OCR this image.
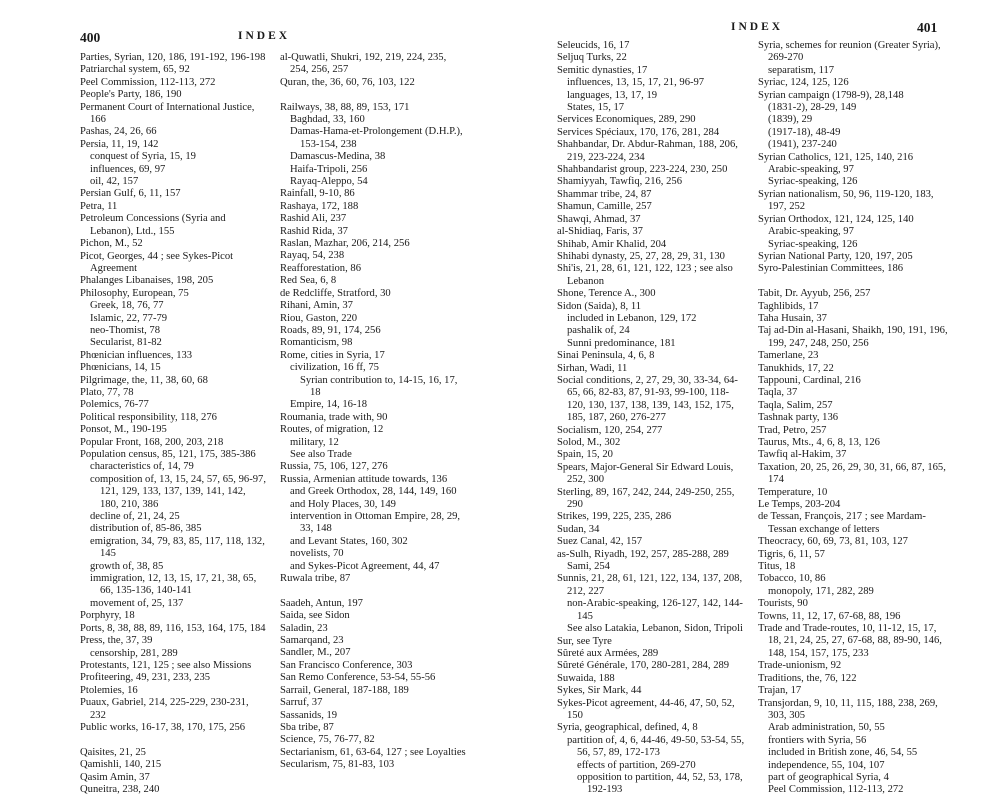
400	INDEX
Parties, Syrian, 120, 186, 191-192, 196-198
Patriarchal system, 65, 92
Peel Commission, 112-113, 272
People's Party, 186, 190
Permanent Court of International Justice, 166
Pashas, 24, 26, 66
Persia, 11, 19, 142
conquest of Syria, 15, 19
influences, 69, 97
oil, 42, 157
Persian Gulf, 6, 11, 157
Petra, 11
Petroleum Concessions (Syria and Lebanon), Ltd., 155
Pichon, M., 52
Picot, Georges, 44 ; see Sykes-Picot Agreement
Phalanges Libanaises, 198, 205
Philosophy, European, 75
Greek, 18, 76, 77
Islamic, 22, 77-79
neo-Thomist, 78
Secularist, 81-82
Phœnician influences, 133
Phœnicians, 14, 15
Pilgrimage, the, 11, 38, 60, 68
Plato, 77, 78
Polemics, 76-77
Political responsibility, 118, 276
Ponsot, M., 190-195
Popular Front, 168, 200, 203, 218
Population census, 85, 121, 175, 385-386
characteristics of, 14, 79
composition of, 13, 15, 24, 57, 65, 96-97, 121, 129, 133, 137, 139, 141, 142, 180, 210, 386
decline of, 21, 24, 25
distribution of, 85-86, 385
emigration, 34, 79, 83, 85, 117, 118, 132, 145
growth of, 38, 85
immigration, 12, 13, 15, 17, 21, 38, 65, 66, 135-136, 140-141
movement of, 25, 137
Porphyry, 18
Ports, 8, 38, 88, 89, 116, 153, 164, 175, 184
Press, the, 37, 39
censorship, 281, 289
Protestants, 121, 125 ; see also Missions
Profiteering, 49, 231, 233, 235
Ptolemies, 16
Puaux, Gabriel, 214, 225-229, 230-231, 232
Public works, 16-17, 38, 170, 175, 256
Qaisites, 21, 25
Qamishli, 140, 215
Qasim Amin, 37
Quneitra, 238, 240
al-Quwatli, Shukri, 192, 219, 224, 235, 254, 256, 257
Quran, the, 36, 60, 76, 103, 122
Railways, 38, 88, 89, 153, 171
Baghdad, 33, 160
Damas-Hama-et-Prolongement (D.H.P.), 153-154, 238
Damascus-Medina, 38
Haifa-Tripoli, 256
Rayaq-Aleppo, 54
Rainfall, 9-10, 86
Rashaya, 172, 188
Rashid Ali, 237
Rashid Rida, 37
Raslan, Mazhar, 206, 214, 256
Rayaq, 54, 238
Reafforestation, 86
Red Sea, 6, 8
de Redcliffe, Stratford, 30
Rihani, Amin, 37
Riou, Gaston, 220
Roads, 89, 91, 174, 256
Romanticism, 98
Rome, cities in Syria, 17
civilization, 16 ff, 75
Syrian contribution to, 14-15, 16, 17, 18
Empire, 14, 16-18
Roumania, trade with, 90
Routes, of migration, 12
military, 12
See also Trade
Russia, 75, 106, 127, 276
Russia, Armenian attitude towards, 136
and Greek Orthodox, 28, 144, 149, 160
and Holy Places, 30, 149
intervention in Ottoman Empire, 28, 29, 33, 148
and Levant States, 160, 302
novelists, 70
and Sykes-Picot Agreement, 44, 47
Ruwala tribe, 87
Saadeh, Antun, 197
Saida, see Sidon
Saladin, 23
Samarqand, 23
Sandler, M., 207
San Francisco Conference, 303
San Remo Conference, 53-54, 55-56
Sarrail, General, 187-188, 189
Sarruf, 37
Sassanids, 19
Sba tribe, 87
Science, 75, 76-77, 82
Sectarianism, 61, 63-64, 127 ; see Loyalties
Secularism, 75, 81-83, 103
INDEX	401
Seleucids, 16, 17
Seljuq Turks, 22
Semitic dynasties, 17
influences, 13, 15, 17, 21, 96-97
languages, 13, 17, 19
States, 15, 17
Services Economiques, 289, 290
Services Spéciaux, 170, 176, 281, 284
Shahbandar, Dr. Abdur-Rahman, 188, 206, 219, 223-224, 234
Shahbandarist group, 223-224, 230, 250
Shamiyyah, Tawfiq, 216, 256
Shammar tribe, 24, 87
Shamun, Camille, 257
Shawqi, Ahmad, 37
al-Shidiaq, Faris, 37
Shihab, Amir Khalid, 204
Shihabi dynasty, 25, 27, 28, 29, 31, 130
Shi'is, 21, 28, 61, 121, 122, 123 ; see also Lebanon
Shone, Terence A., 300
Sidon (Saida), 8, 11
included in Lebanon, 129, 172
pashalik of, 24
Sunni predominance, 181
Sinai Peninsula, 4, 6, 8
Sirhan, Wadi, 11
Social conditions, 2, 27, 29, 30, 33-34, 64-65, 66, 82-83, 87, 91-93, 99-100, 118-120, 130, 137, 138, 139, 143, 152, 175, 185, 187, 260, 276-277
Socialism, 120, 254, 277
Solod, M., 302
Spain, 15, 20
Spears, Major-General Sir Edward Louis, 252, 300
Sterling, 89, 167, 242, 244, 249-250, 255, 290
Strikes, 199, 225, 235, 286
Sudan, 34
Suez Canal, 42, 157
as-Sulh, Riyadh, 192, 257, 285-288, 289
Sami, 254
Sunnis, 21, 28, 61, 121, 122, 134, 137, 208, 212, 227
non-Arabic-speaking, 126-127, 142, 144-145
See also Latakia, Lebanon, Sidon, Tripoli
Sur, see Tyre
Sûreté aux Armées, 289
Sûreté Générale, 170, 280-281, 284, 289
Suwaida, 188
Sykes, Sir Mark, 44
Sykes-Picot agreement, 44-46, 47, 50, 52, 150
Syria, geographical, defined, 4, 8
partition of, 4, 6, 44-46, 49-50, 53-54, 55, 56, 57, 89, 172-173
effects of partition, 269-270
opposition to partition, 44, 52, 53, 178, 192-193
Syria, schemes for reunion (Greater Syria), 269-270
separatism, 117
Syriac, 124, 125, 126
Syrian campaign (1798-9), 28,148
(1831-2), 28-29, 149
(1839), 29
(1917-18), 48-49
(1941), 237-240
Syrian Catholics, 121, 125, 140, 216
Arabic-speaking, 97
Syriac-speaking, 126
Syrian nationalism, 50, 96, 119-120, 183, 197, 252
Syrian Orthodox, 121, 124, 125, 140
Arabic-speaking, 97
Syriac-speaking, 126
Syrian National Party, 120, 197, 205
Syro-Palestinian Committees, 186
Tabit, Dr. Ayyub, 256, 257
Taghlibids, 17
Taha Husain, 37
Taj ad-Din al-Hasani, Shaikh, 190, 191, 196, 199, 247, 248, 250, 256
Tamerlane, 23
Tanukhids, 17, 22
Tappouni, Cardinal, 216
Taqla, 37
Taqla, Salim, 257
Tashnak party, 136
Trad, Petro, 257
Taurus, Mts., 4, 6, 8, 13, 126
Tawfiq al-Hakim, 37
Taxation, 20, 25, 26, 29, 30, 31, 66, 87, 165, 174
Temperature, 10
Le Temps, 203-204
de Tessan, François, 217 ; see Mardam-Tessan exchange of letters
Theocracy, 60, 69, 73, 81, 103, 127
Tigris, 6, 11, 57
Titus, 18
Tobacco, 10, 86
monopoly, 171, 282, 289
Tourists, 90
Towns, 11, 12, 17, 67-68, 88, 196
Trade and Trade-routes, 10, 11-12, 15, 17, 18, 21, 24, 25, 27, 67-68, 88, 89-90, 146, 148, 154, 157, 175, 233
Trade-unionism, 92
Traditions, the, 76, 122
Trajan, 17
Transjordan, 9, 10, 11, 115, 188, 238, 269, 303, 305
Arab administration, 50, 55
frontiers with Syria, 56
included in British zone, 46, 54, 55
independence, 55, 104, 107
part of geographical Syria, 4
Peel Commission, 112-113, 272
